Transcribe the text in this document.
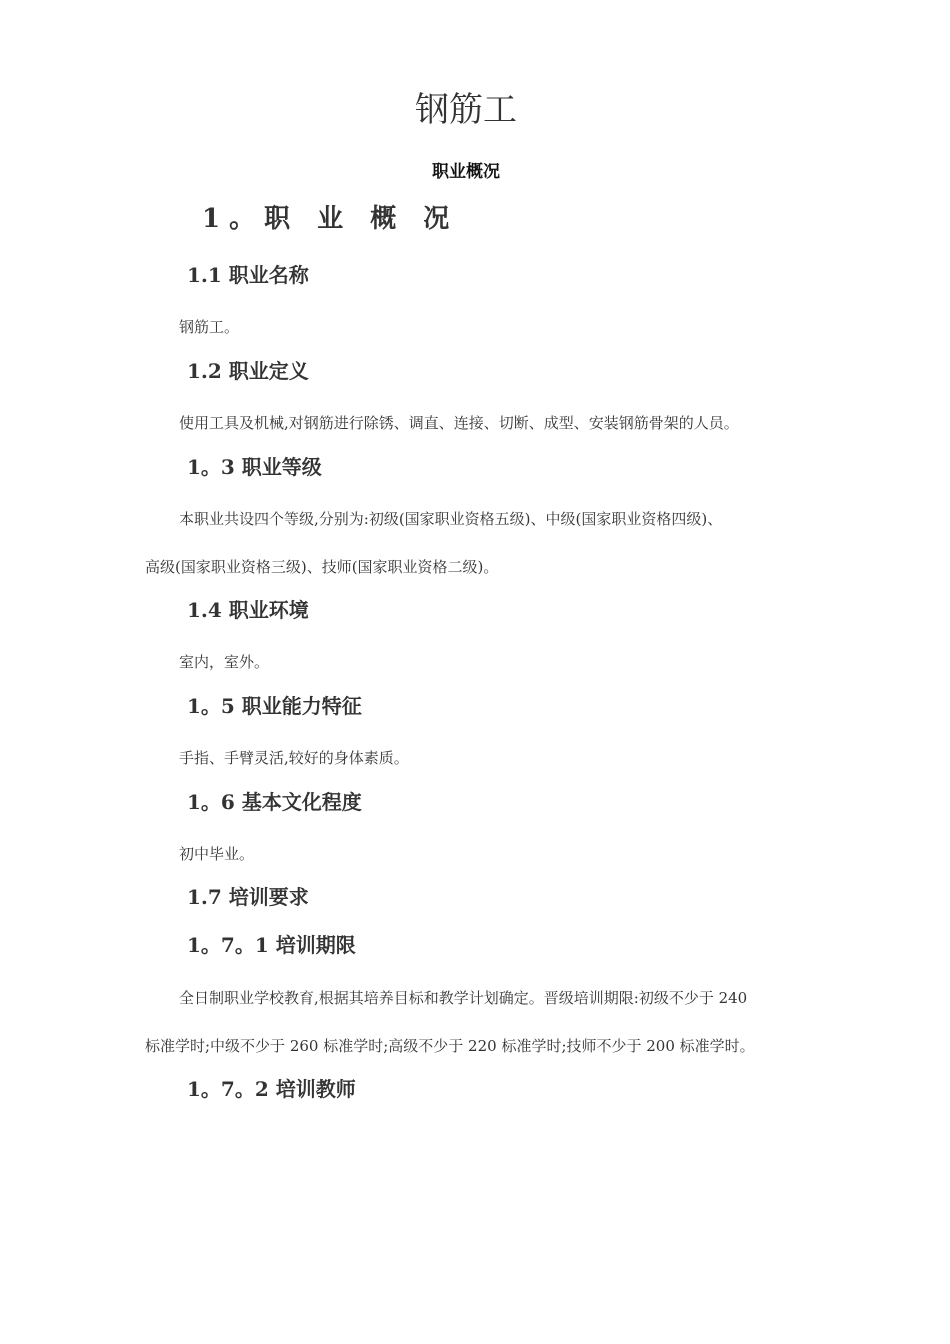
钢筋工
职业概况
1。职 业 概 况
1.1 职业名称
钢筋工。
1.2 职业定义
使用工具及机械,对钢筋进行除锈、调直、连接、切断、成型、安装钢筋骨架的人员。
1。3 职业等级
本职业共设四个等级,分别为:初级(国家职业资格五级)、中级(国家职业资格四级)、
高级(国家职业资格三级)、技师(国家职业资格二级)。
1.4 职业环境
室内，室外。
1。5 职业能力特征
手指、手臂灵活,较好的身体素质。
1。6 基本文化程度
初中毕业。
1.7 培训要求
1。7。1 培训期限
全日制职业学校教育,根据其培养目标和教学计划确定。晋级培训期限:初级不少于 240
标准学时;中级不少于 260 标准学时;高级不少于 220 标准学时;技师不少于 200 标准学时。
1。7。2 培训教师
